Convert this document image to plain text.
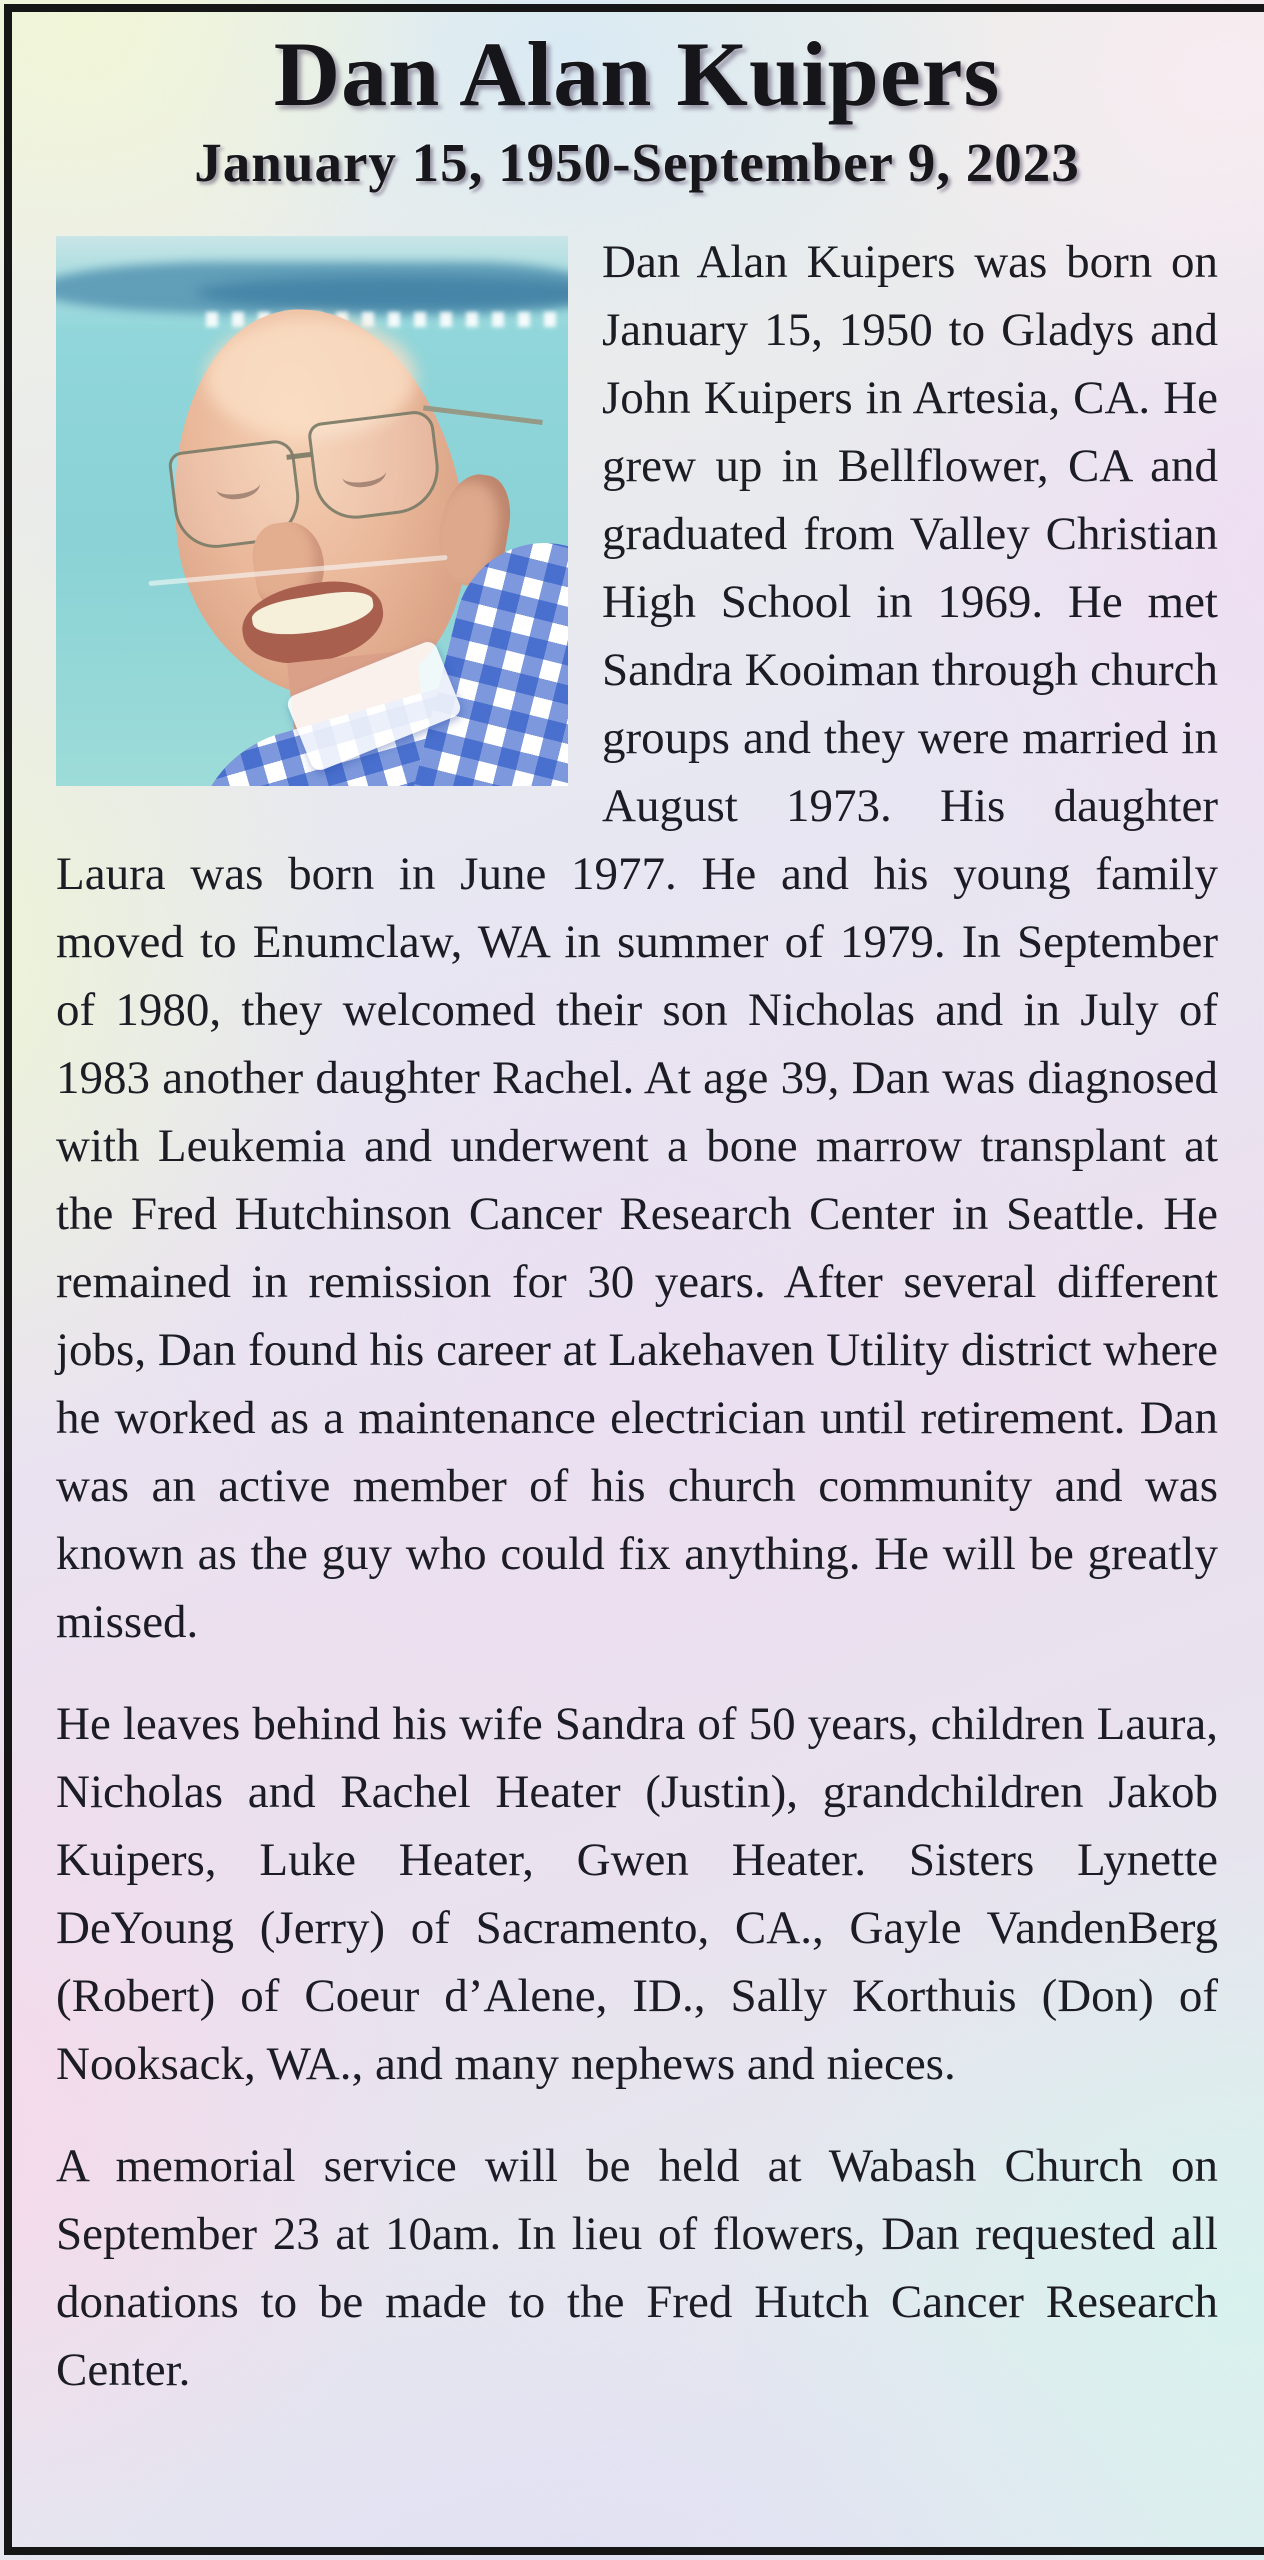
Dan Alan Kuipers
January 15, 1950-September 9, 2023

Dan Alan Kuipers was born on January 15, 1950 to Gladys and John Kuipers in Artesia, CA. He grew up in Bellflower, CA and graduated from Valley Christian High School in 1969. He met Sandra Kooiman through church groups and they were married in August 1973. His daughter Laura was born in June 1977. He and his young family moved to Enumclaw, WA in summer of 1979. In September of 1980, they welcomed their son Nicholas and in July of 1983 another daughter Rachel. At age 39, Dan was diagnosed with Leukemia and underwent a bone marrow transplant at the Fred Hutchinson Cancer Research Center in Seattle. He remained in remission for 30 years. After several different jobs, Dan found his career at Lakehaven Utility district where he worked as a maintenance electrician until retirement. Dan was an active member of his church community and was known as the guy who could fix anything. He will be greatly missed.

He leaves behind his wife Sandra of 50 years, children Laura, Nicholas and Rachel Heater (Justin), grandchildren Jakob Kuipers, Luke Heater, Gwen Heater. Sisters Lynette DeYoung (Jerry) of Sacramento, CA., Gayle VandenBerg (Robert) of Coeur d’Alene, ID., Sally Korthuis (Don) of Nooksack, WA., and many nephews and nieces.

A memorial service will be held at Wabash Church on September 23 at 10am. In lieu of flowers, Dan requested all donations to be made to the Fred Hutch Cancer Research Center.
